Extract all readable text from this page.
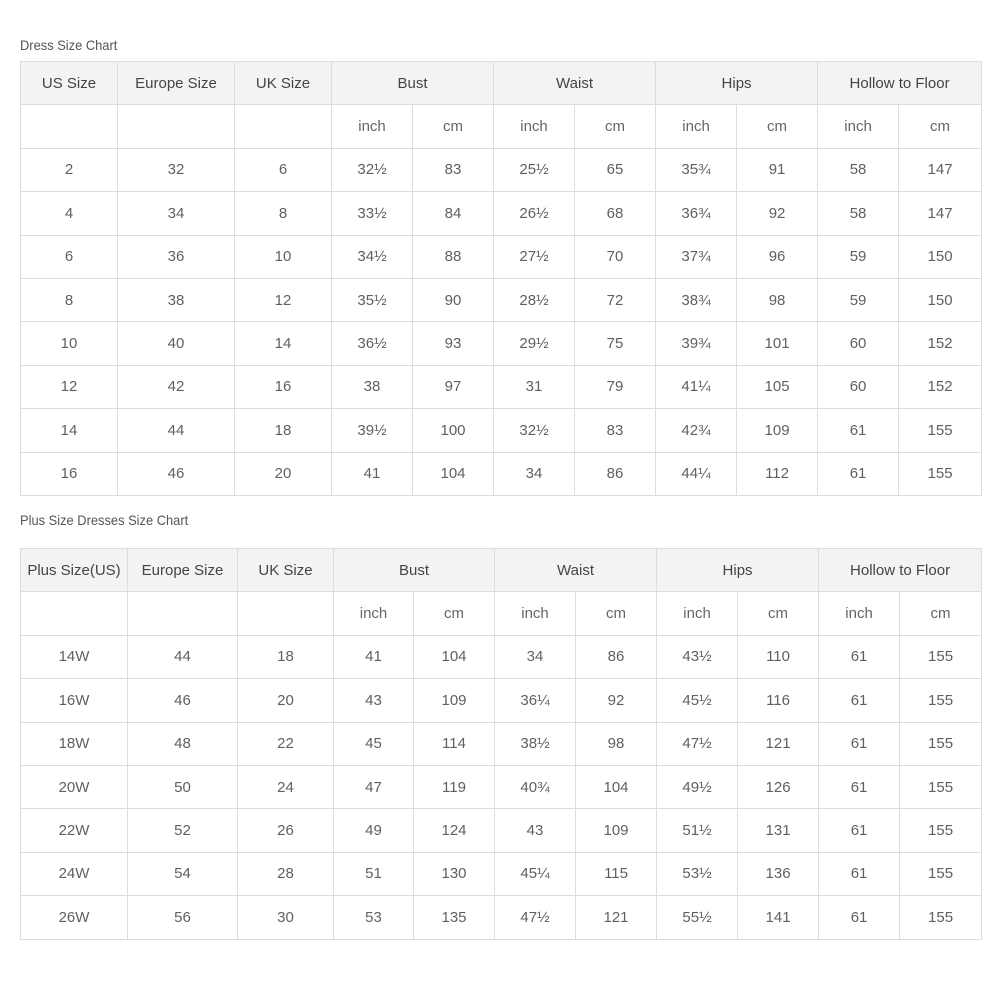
Dress Size Chart
US Size	Europe Size	UK Size	Bust		Waist		Hips		Hollow to Floor	
			inch	cm	inch	cm	inch	cm	inch	cm
2	32	6	32½	83	25½	65	35¾	91	58	147
4	34	8	33½	84	26½	68	36¾	92	58	147
6	36	10	34½	88	27½	70	37¾	96	59	150
8	38	12	35½	90	28½	72	38¾	98	59	150
10	40	14	36½	93	29½	75	39¾	101	60	152
12	42	16	38	97	31	79	41¼	105	60	152
14	44	18	39½	100	32½	83	42¾	109	61	155
16	46	20	41	104	34	86	44¼	112	61	155
Plus Size Dresses Size Chart
Plus Size(US)	Europe Size	UK Size	Bust		Waist		Hips		Hollow to Floor	
			inch	cm	inch	cm	inch	cm	inch	cm
14W	44	18	41	104	34	86	43½	110	61	155
16W	46	20	43	109	36¼	92	45½	116	61	155
18W	48	22	45	114	38½	98	47½	121	61	155
20W	50	24	47	119	40¾	104	49½	126	61	155
22W	52	26	49	124	43	109	51½	131	61	155
24W	54	28	51	130	45¼	115	53½	136	61	155
26W	56	30	53	135	47½	121	55½	141	61	155
